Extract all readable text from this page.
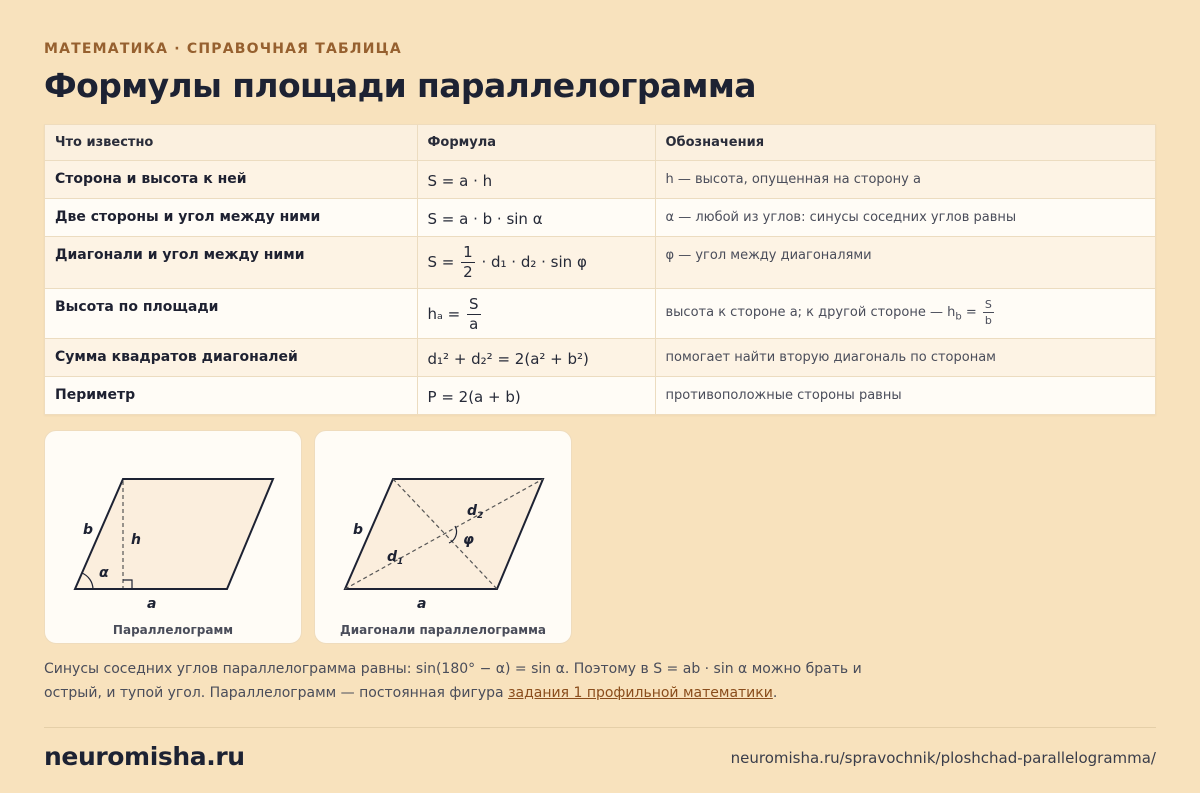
МАТЕМАТИКА · СПРАВОЧНАЯ ТАБЛИЦА
Формулы площади параллелограмма
Что известно	Формула	Обозначения
Сторона и высота к ней	S = a · h	h — высота, опущенная на сторону a
Две стороны и угол между ними	S = a · b · sin α	α — любой из углов: синусы соседних углов равны
Диагонали и угол между ними	$S = \frac{1}{2} \cdot d_1 \cdot d_2 \cdot \sin \varphi$	φ — угол между диагоналями
Высота по площади	$h_a = \frac{S}{a}$	высота к стороне a; к другой стороне — $h_b = \frac{S}{b}$

Сумма квадратов диагоналей	d₁² + d₂² = 2(a² + b²)	помогает найти вторую диагональ по сторонам
Периметр	P = 2(a + b)	противоположные стороны равны
α
h
b
a
Параллелограмм
φ
$d_1$
$d_2$
b
a
Диагонали параллелограмма

Синусы соседних углов параллелограмма равны: sin(180° − α) = sin α. Поэтому в S = ab · sin α можно брать и острый, и тупой угол. Параллелограмм — постоянная фигура задания 1 профильной математики.

neuromisha.ru	neuromisha.ru/spravochnik/ploshchad-parallelogramma/
